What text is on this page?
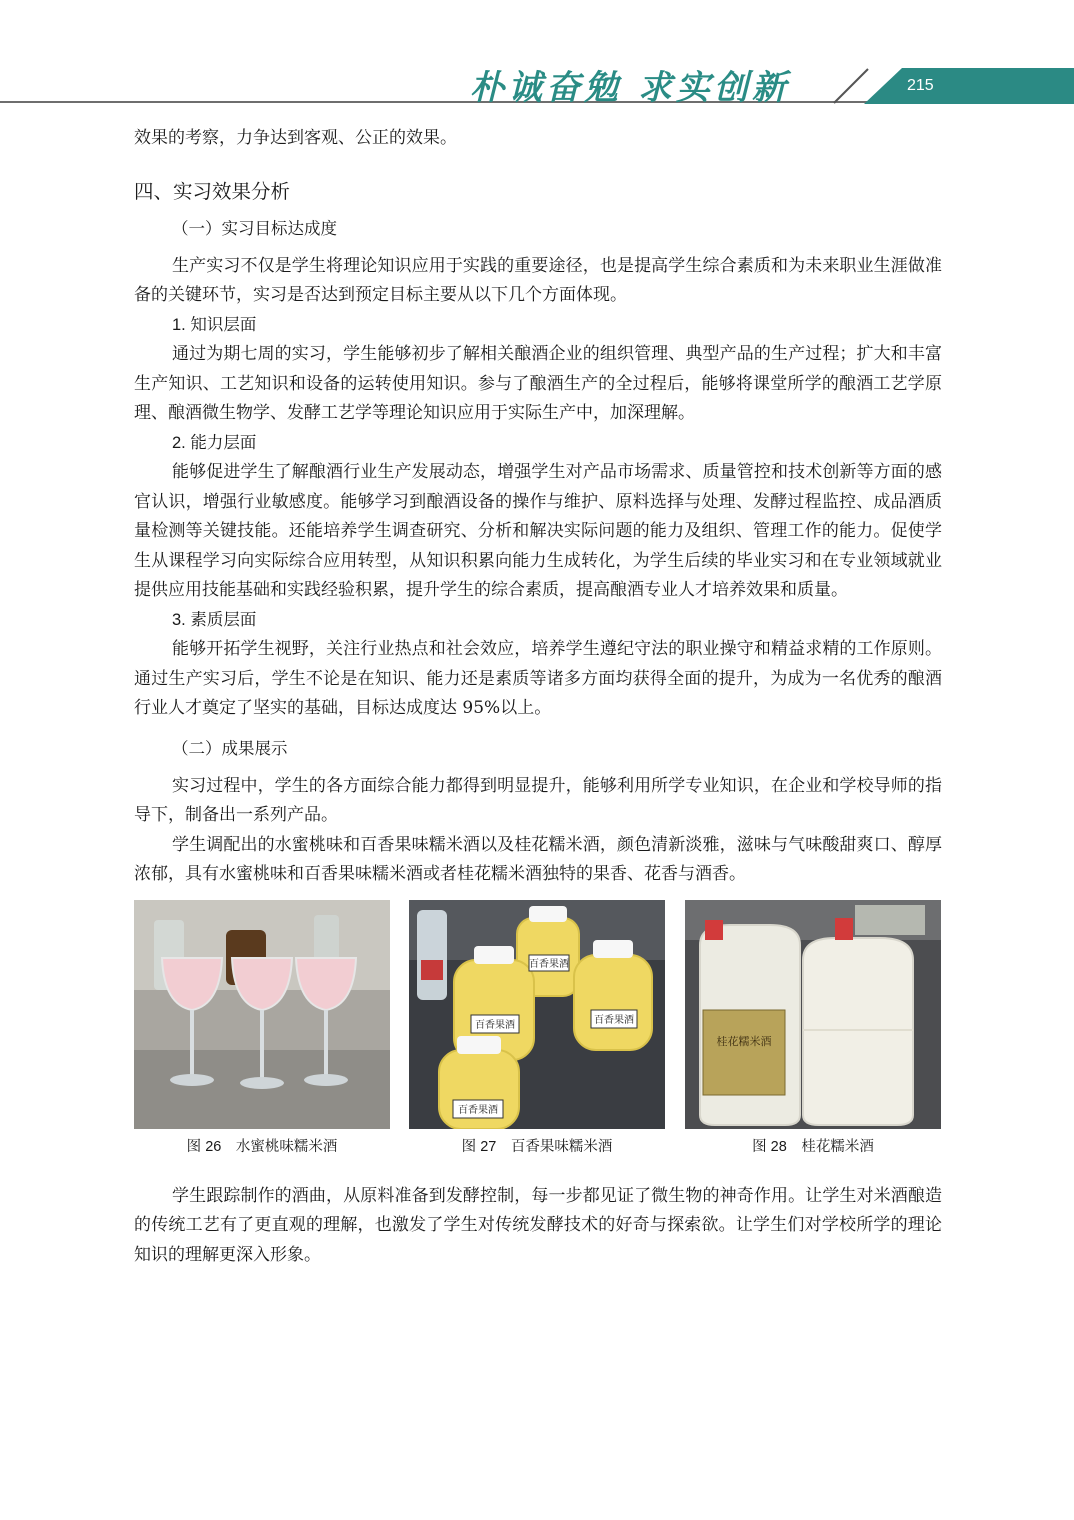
朴诚奋勉 求实创新	215

效果的考察，力争达到客观、公正的效果。

四、实习效果分析
（一）实习目标达成度

生产实习不仅是学生将理论知识应用于实践的重要途径，也是提高学生综合素质和为未来职业生涯做准备的关键环节，实习是否达到预定目标主要从以下几个方面体现。

1. 知识层面

通过为期七周的实习，学生能够初步了解相关酿酒企业的组织管理、典型产品的生产过程；扩大和丰富生产知识、工艺知识和设备的运转使用知识。参与了酿酒生产的全过程后，能够将课堂所学的酿酒工艺学原理、酿酒微生物学、发酵工艺学等理论知识应用于实际生产中，加深理解。

2. 能力层面

能够促进学生了解酿酒行业生产发展动态，增强学生对产品市场需求、质量管控和技术创新等方面的感官认识，增强行业敏感度。能够学习到酿酒设备的操作与维护、原料选择与处理、发酵过程监控、成品酒质量检测等关键技能。还能培养学生调查研究、分析和解决实际问题的能力及组织、管理工作的能力。促使学生从课程学习向实际综合应用转型，从知识积累向能力生成转化，为学生后续的毕业实习和在专业领域就业提供应用技能基础和实践经验积累，提升学生的综合素质，提高酿酒专业人才培养效果和质量。

3. 素质层面

能够开拓学生视野，关注行业热点和社会效应，培养学生遵纪守法的职业操守和精益求精的工作原则。通过生产实习后，学生不论是在知识、能力还是素质等诸多方面均获得全面的提升，为成为一名优秀的酿酒行业人才奠定了坚实的基础，目标达成度达 95%以上。

（二）成果展示

实习过程中，学生的各方面综合能力都得到明显提升，能够利用所学专业知识，在企业和学校导师的指导下，制备出一系列产品。

学生调配出的水蜜桃味和百香果味糯米酒以及桂花糯米酒，颜色清新淡雅，滋味与气味酸甜爽口、醇厚浓郁，具有水蜜桃味和百香果味糯米酒或者桂花糯米酒独特的果香、花香与酒香。

图 26　水蜜桃味糯米酒
百香果酒
百香果酒	百香果酒
百香果酒
图 27　百香果味糯米酒
桂花糯米酒
图 28　桂花糯米酒

学生跟踪制作的酒曲，从原料准备到发酵控制，每一步都见证了微生物的神奇作用。让学生对米酒酿造的传统工艺有了更直观的理解，也激发了学生对传统发酵技术的好奇与探索欲。让学生们对学校所学的理论知识的理解更深入形象。
